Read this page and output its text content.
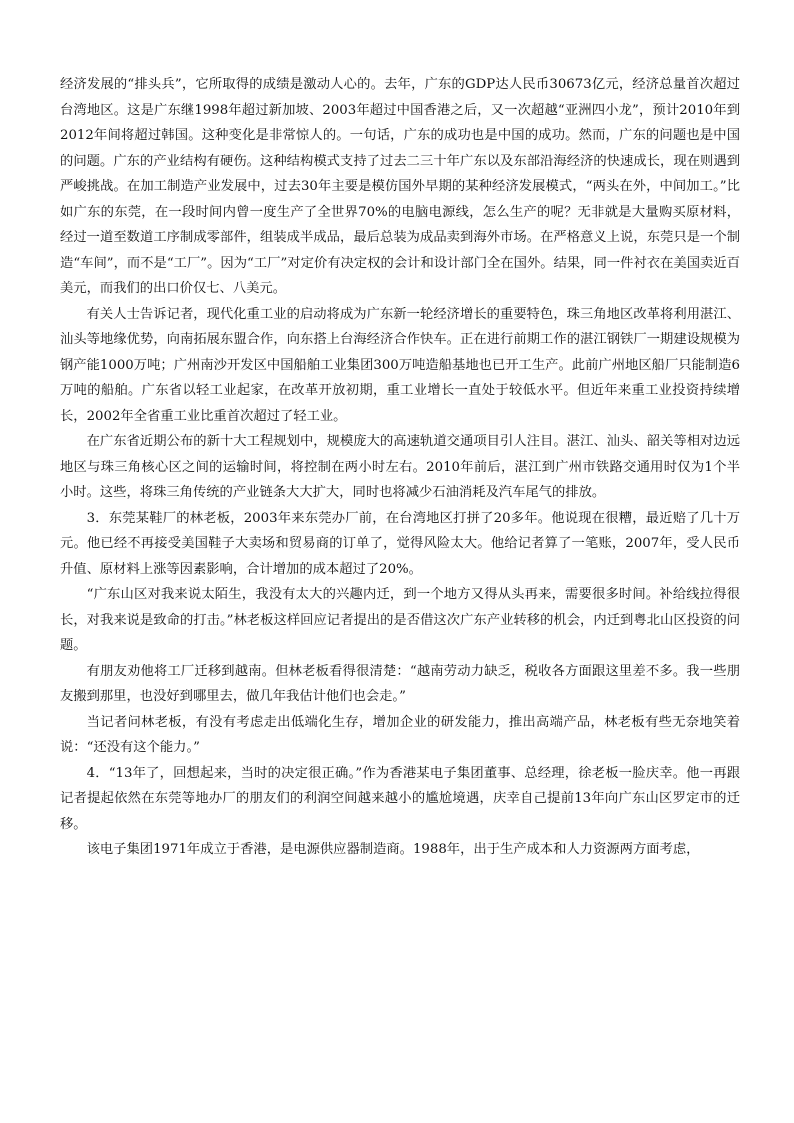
经济发展的“排头兵”，它所取得的成绩是激动人心的。去年，广东的GDP达人民币30673亿元，经济总量首次超过台湾地区。这是广东继1998年超过新加坡、2003年超过中国香港之后，又一次超越“亚洲四小龙”，预计2010年到2012年间将超过韩国。这种变化是非常惊人的。一句话，广东的成功也是中国的成功。然而，广东的问题也是中国的问题。广东的产业结构有硬伤。这种结构模式支持了过去二三十年广东以及东部沿海经济的快速成长，现在则遇到严峻挑战。在加工制造产业发展中，过去30年主要是模仿国外早期的某种经济发展模式，“两头在外，中间加工。”比如广东的东莞，在一段时间内曾一度生产了全世界70%的电脑电源线，怎么生产的呢？无非就是大量购买原材料，经过一道至数道工序制成零部件，组装成半成品，最后总装为成品卖到海外市场。在严格意义上说，东莞只是一个制造“车间”，而不是“工厂”。因为“工厂”对定价有决定权的会计和设计部门全在国外。结果，同一件衬衣在美国卖近百美元，而我们的出口价仅七、八美元。

有关人士告诉记者，现代化重工业的启动将成为广东新一轮经济增长的重要特色，珠三角地区改革将利用湛江、汕头等地缘优势，向南拓展东盟合作，向东搭上台海经济合作快车。正在进行前期工作的湛江钢铁厂一期建设规模为钢产能1000万吨；广州南沙开发区中国船舶工业集团300万吨造船基地也已开工生产。此前广州地区船厂只能制造6万吨的船舶。广东省以轻工业起家，在改革开放初期，重工业增长一直处于较低水平。但近年来重工业投资持续增长，2002年全省重工业比重首次超过了轻工业。

在广东省近期公布的新十大工程规划中，规模庞大的高速轨道交通项目引人注目。湛江、汕头、韶关等相对边远地区与珠三角核心区之间的运输时间，将控制在两小时左右。2010年前后，湛江到广州市铁路交通用时仅为1个半小时。这些，将珠三角传统的产业链条大大扩大，同时也将减少石油消耗及汽车尾气的排放。

3．东莞某鞋厂的林老板，2003年来东莞办厂前，在台湾地区打拼了20多年。他说现在很糟，最近赔了几十万元。他已经不再接受美国鞋子大卖场和贸易商的订单了，觉得风险太大。他给记者算了一笔账，2007年，受人民币升值、原材料上涨等因素影响，合计增加的成本超过了20%。

“广东山区对我来说太陌生，我没有太大的兴趣内迁，到一个地方又得从头再来，需要很多时间。补给线拉得很长，对我来说是致命的打击。”林老板这样回应记者提出的是否借这次广东产业转移的机会，内迁到粤北山区投资的问题。

有朋友劝他将工厂迁移到越南。但林老板看得很清楚：“越南劳动力缺乏，税收各方面跟这里差不多。我一些朋友搬到那里，也没好到哪里去，做几年我估计他们也会走。”

当记者问林老板，有没有考虑走出低端化生存，增加企业的研发能力，推出高端产品，林老板有些无奈地笑着说：“还没有这个能力。”

4．“13年了，回想起来，当时的决定很正确。”作为香港某电子集团董事、总经理，徐老板一脸庆幸。他一再跟记者提起依然在东莞等地办厂的朋友们的利润空间越来越小的尴尬境遇，庆幸自己提前13年向广东山区罗定市的迁移。

该电子集团1971年成立于香港，是电源供应器制造商。1988年，出于生产成本和人力资源两方面考虑，
